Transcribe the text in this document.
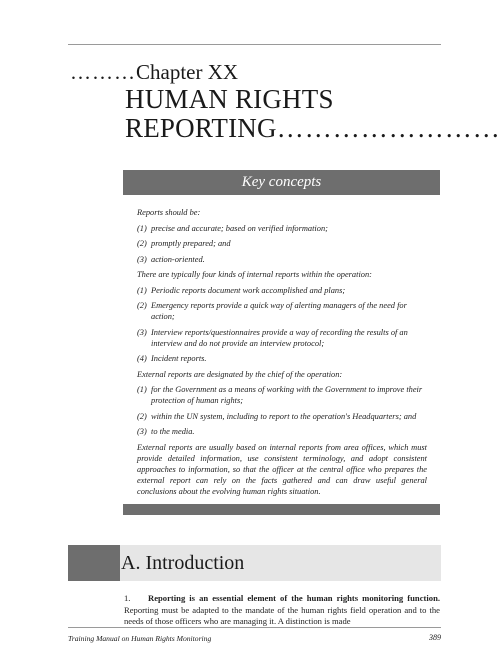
………Chapter XX
HUMAN RIGHTS
REPORTING……………………
Key concepts

Reports should be:

(1) precise and accurate; based on verified information;
(2) promptly prepared; and
(3) action-oriented.

There are typically four kinds of internal reports within the operation:

(1) Periodic reports document work accomplished and plans;
(2) Emergency reports provide a quick way of alerting managers of the need for action;
(3) Interview reports/questionnaires provide a way of recording the results of an interview and do not provide an interview protocol;
(4) Incident reports.

External reports are designated by the chief of the operation:

(1) for the Government as a means of working with the Government to improve their protection of human rights;
(2) within the UN system, including to report to the operation's Headquarters; and
(3) to the media.

External reports are usually based on internal reports from area offices, which must provide detailed information, use consistent terminology, and adopt consistent approaches to information, so that the officer at the central office who prepares the external report can rely on the facts gathered and can draw useful general conclusions about the evolving human rights situation.

A. Introduction
1. Reporting is an essential element of the human rights monitoring function. Reporting must be adapted to the mandate of the human rights field operation and to the needs of those officers who are managing it. A distinction is made
Training Manual on Human Rights Monitoring	389
